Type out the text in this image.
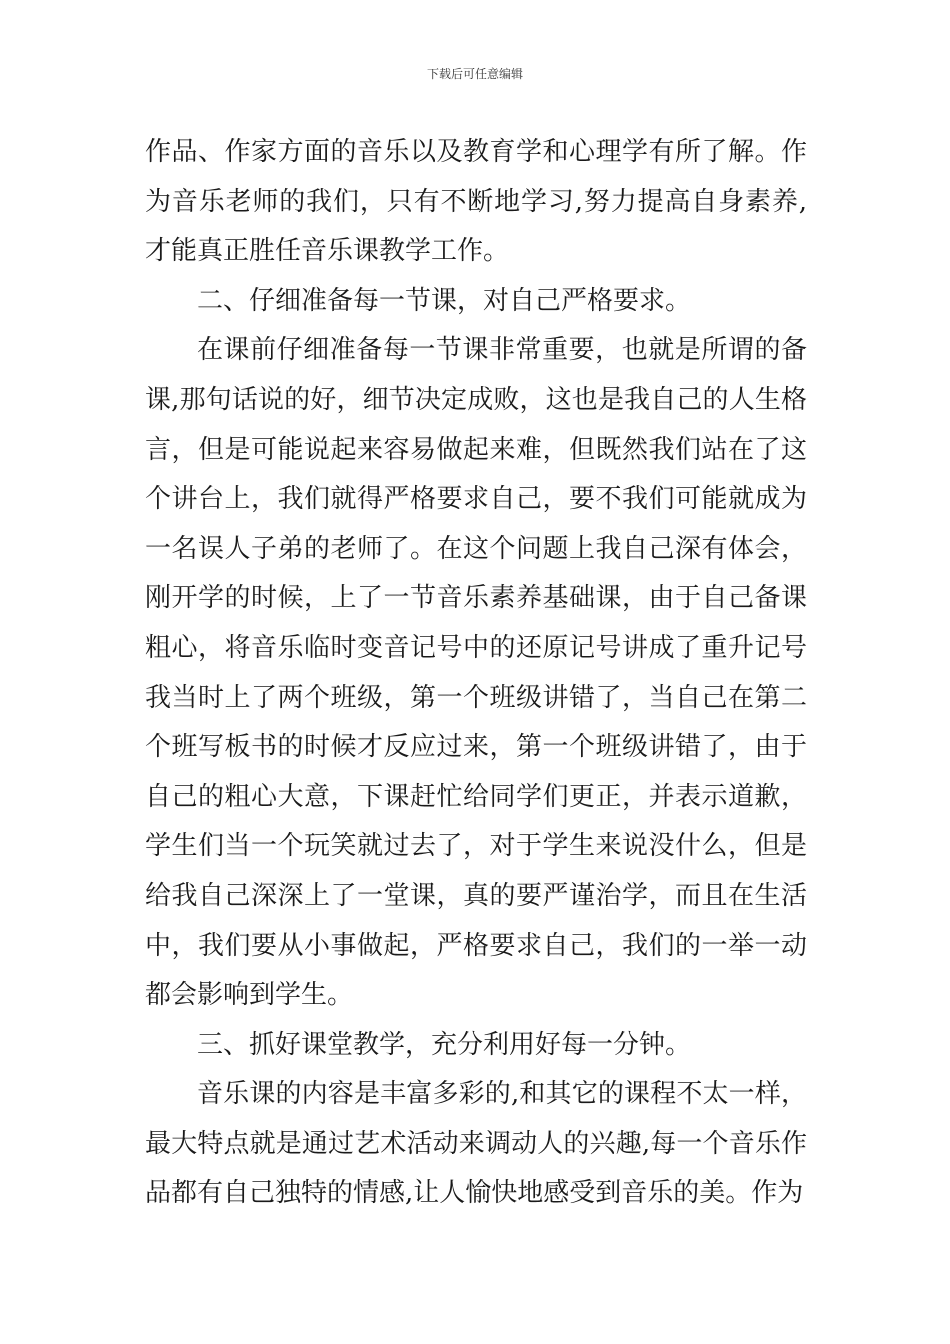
下载后可任意编辑

作品、作家方面的音乐以及教育学和心理学有所了解。作为音乐老师的我们，只有不断地学习,努力提高自身素养,才能真正胜任音乐课教学工作。

二、仔细准备每一节课，对自己严格要求。

在课前仔细准备每一节课非常重要，也就是所谓的备课,那句话说的好，细节决定成败，这也是我自己的人生格言，但是可能说起来容易做起来难，但既然我们站在了这个讲台上，我们就得严格要求自己，要不我们可能就成为一名误人子弟的老师了。在这个问题上我自己深有体会，刚开学的时候，上了一节音乐素养基础课，由于自己备课粗心，将音乐临时变音记号中的还原记号讲成了重升记号我当时上了两个班级，第一个班级讲错了，当自己在第二个班写板书的时候才反应过来，第一个班级讲错了，由于自己的粗心大意，下课赶忙给同学们更正，并表示道歉，学生们当一个玩笑就过去了，对于学生来说没什么，但是给我自己深深上了一堂课，真的要严谨治学，而且在生活中，我们要从小事做起，严格要求自己，我们的一举一动都会影响到学生。

三、抓好课堂教学，充分利用好每一分钟。

音乐课的内容是丰富多彩的,和其它的课程不太一样，最大特点就是通过艺术活动来调动人的兴趣,每一个音乐作品都有自己独特的情感,让人愉快地感受到音乐的美。作为
